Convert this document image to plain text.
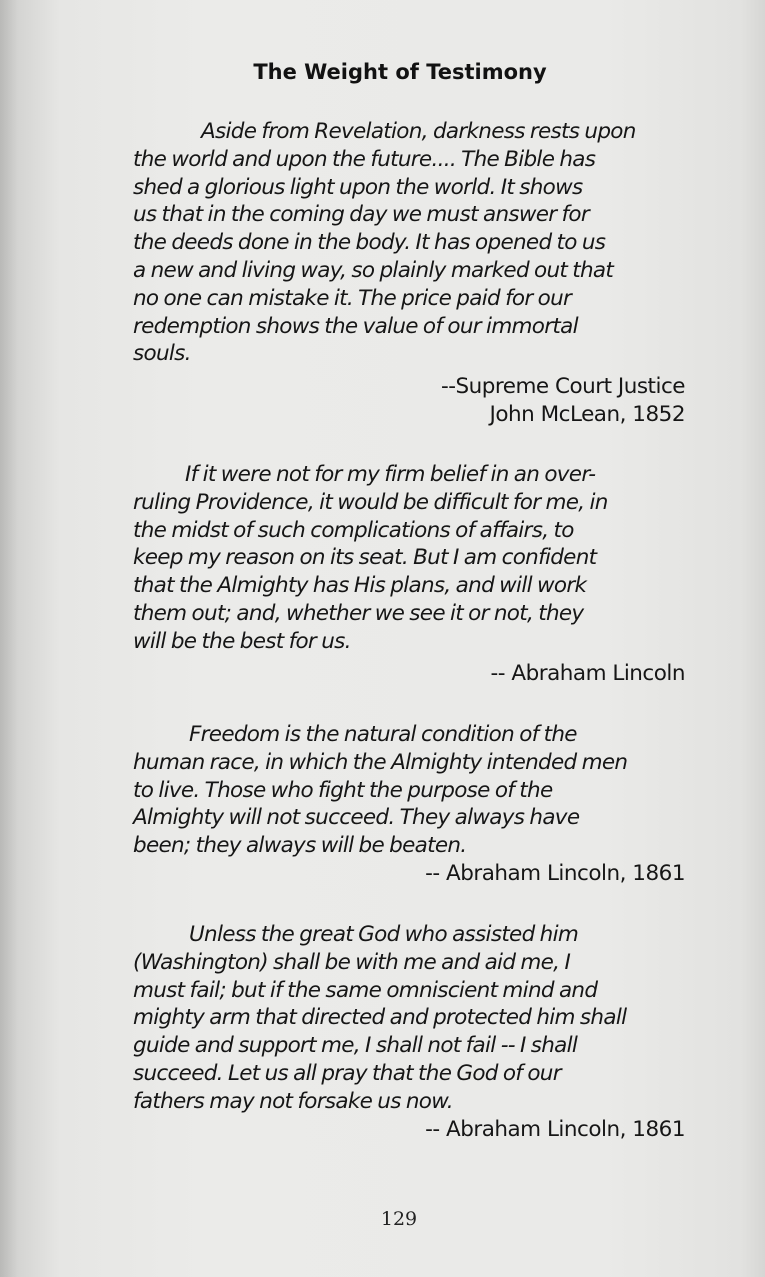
The Weight of Testimony
Aside from Revelation, darkness rests upon
the world and upon the future.... The Bible has
shed a glorious light upon the world. It shows
us that in the coming day we must answer for
the deeds done in the body. It has opened to us
a new and living way, so plainly marked out that
no one can mistake it. The price paid for our
redemption shows the value of our immortal
souls.
--Supreme Court Justice
John McLean, 1852
If it were not for my firm belief in an over-
ruling Providence, it would be difficult for me, in
the midst of such complications of affairs, to
keep my reason on its seat. But I am confident
that the Almighty has His plans, and will work
them out; and, whether we see it or not, they
will be the best for us.
-- Abraham Lincoln
Freedom is the natural condition of the
human race, in which the Almighty intended men
to live. Those who fight the purpose of the
Almighty will not succeed. They always have
been; they always will be beaten.
-- Abraham Lincoln, 1861
Unless the great God who assisted him
(Washington) shall be with me and aid me, I
must fail; but if the same omniscient mind and
mighty arm that directed and protected him shall
guide and support me, I shall not fail -- I shall
succeed. Let us all pray that the God of our
fathers may not forsake us now.
-- Abraham Lincoln, 1861
129
